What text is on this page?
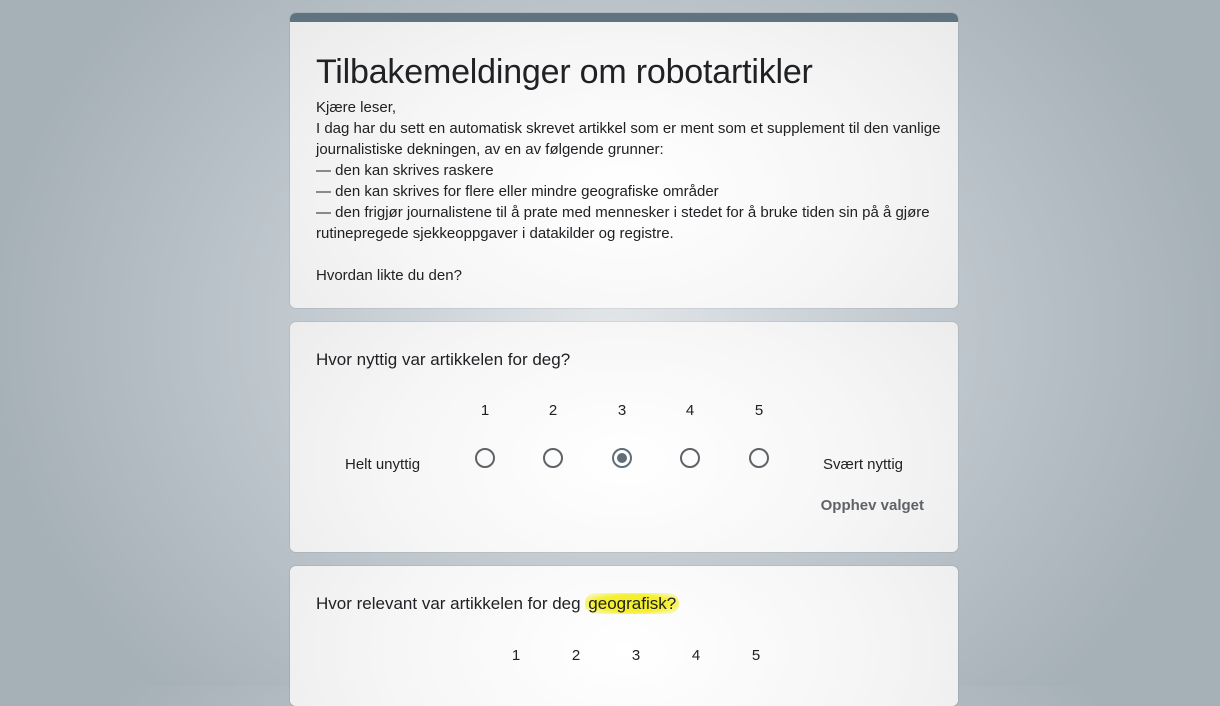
Tilbakemeldinger om robotartikler

Kjære leser,

I dag har du sett en automatisk skrevet artikkel som er ment som et supplement til den vanlige journalistiske dekningen, av en av følgende grunner:

— den kan skrives raskere

— den kan skrives for flere eller mindre geografiske områder

— den frigjør journalistene til å prate med mennesker i stedet for å bruke tiden sin på å gjøre rutinepregede sjekkeoppgaver i datakilder og registre.

Hvordan likte du den?

Hvor nyttig var artikkelen for deg?
1	2	3	4	5
Helt unyttig	Svært nyttig
Opphev valget
Hvor relevant var artikkelen for deg geografisk?
1	2	3	4	5
